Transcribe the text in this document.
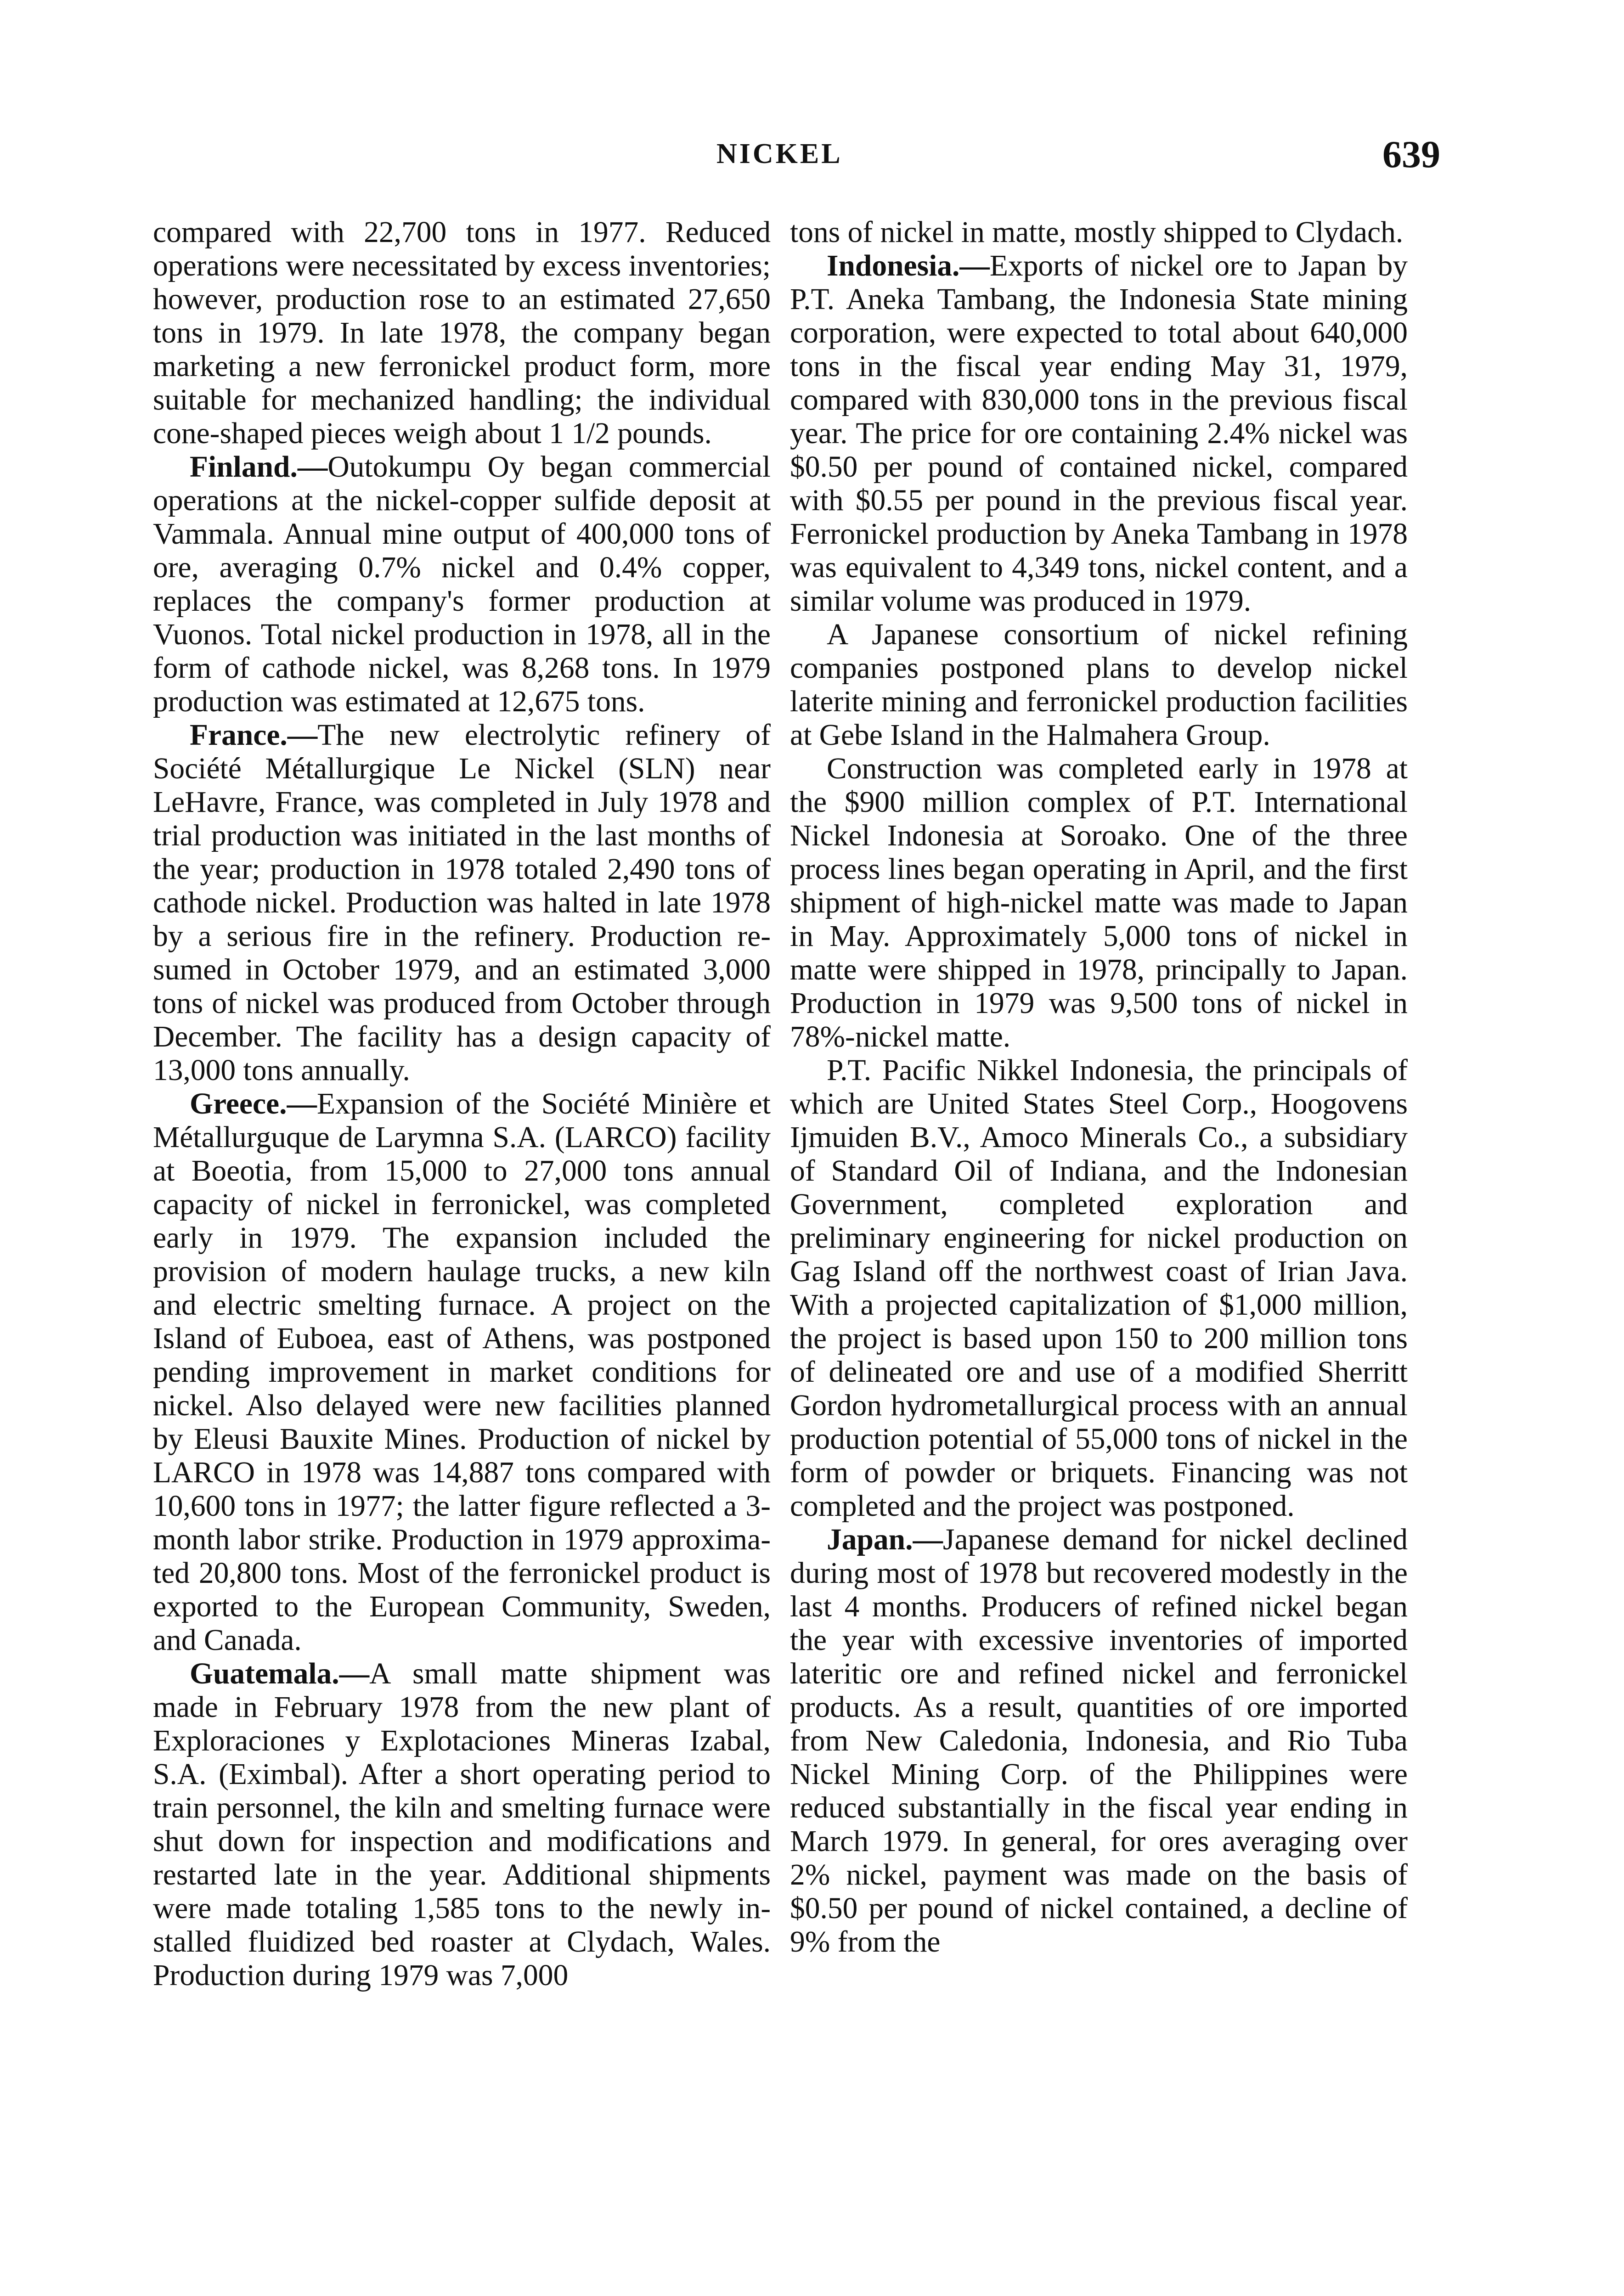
NICKEL	639

compared with 22,700 tons in 1977. Reduced operations were necessitated by excess inventories; however, production rose to an estimated 27,650 tons in 1979. In late 1978, the company began marketing a new ferronickel product form, more suitable for mechanized handling; the individual cone-shaped pieces weigh about 1 1/2 pounds.

Finland.—Outokumpu Oy began commercial operations at the nickel-copper sulfide deposit at Vammala. Annual mine output of 400,000 tons of ore, averaging 0.7% nickel and 0.4% copper, replaces the company's former production at Vuonos. Total nickel production in 1978, all in the form of cathode nickel, was 8,268 tons. In 1979 production was estimated at 12,675 tons.

France.—The new electrolytic refinery of Société Métallurgique Le Nickel (SLN) near LeHavre, France, was completed in July 1978 and trial production was initiated in the last months of the year; production in 1978 totaled 2,490 tons of cathode nickel. Production was halted in late 1978 by a serious fire in the refinery. Production resumed in October 1979, and an estimated 3,000 tons of nickel was produced from October through December. The facility has a design capacity of 13,000 tons annually.

Greece.—Expansion of the Société Minière et Métallurguque de Larymna S.A. (LARCO) facility at Boeotia, from 15,000 to 27,000 tons annual capacity of nickel in ferronickel, was completed early in 1979. The expansion included the provision of modern haulage trucks, a new kiln and electric smelting furnace. A project on the Island of Euboea, east of Athens, was postponed pending improvement in market conditions for nickel. Also delayed were new facilities planned by Eleusi Bauxite Mines. Production of nickel by LARCO in 1978 was 14,887 tons compared with 10,600 tons in 1977; the latter figure reflected a 3-month labor strike. Production in 1979 approximated 20,800 tons. Most of the ferronickel product is exported to the European Community, Sweden, and Canada.

Guatemala.—A small matte shipment was made in February 1978 from the new plant of Exploraciones y Explotaciones Mineras Izabal, S.A. (Eximbal). After a short operating period to train personnel, the kiln and smelting furnace were shut down for inspection and modifications and restarted late in the year. Additional shipments were made totaling 1,585 tons to the newly installed fluidized bed roaster at Clydach, Wales. Production during 1979 was 7,000

tons of nickel in matte, mostly shipped to Clydach.

Indonesia.—Exports of nickel ore to Japan by P.T. Aneka Tambang, the Indonesia State mining corporation, were expected to total about 640,000 tons in the fiscal year ending May 31, 1979, compared with 830,000 tons in the previous fiscal year. The price for ore containing 2.4% nickel was $0.50 per pound of contained nickel, compared with $0.55 per pound in the previous fiscal year. Ferronickel production by Aneka Tambang in 1978 was equivalent to 4,349 tons, nickel content, and a similar volume was produced in 1979.

A Japanese consortium of nickel refining companies postponed plans to develop nickel laterite mining and ferronickel production facilities at Gebe Island in the Halmahera Group.

Construction was completed early in 1978 at the $900 million complex of P.T. International Nickel Indonesia at Soroako. One of the three process lines began operating in April, and the first shipment of high-nickel matte was made to Japan in May. Approximately 5,000 tons of nickel in matte were shipped in 1978, principally to Japan. Production in 1979 was 9,500 tons of nickel in 78%-nickel matte.

P.T. Pacific Nikkel Indonesia, the principals of which are United States Steel Corp., Hoogovens Ijmuiden B.V., Amoco Minerals Co., a subsidiary of Standard Oil of Indiana, and the Indonesian Government, completed exploration and preliminary engineering for nickel production on Gag Island off the northwest coast of Irian Java. With a projected capitalization of $1,000 million, the project is based upon 150 to 200 million tons of delineated ore and use of a modified Sherritt Gordon hydrometallurgical process with an annual production potential of 55,000 tons of nickel in the form of powder or briquets. Financing was not completed and the project was postponed.

Japan.—Japanese demand for nickel declined during most of 1978 but recovered modestly in the last 4 months. Producers of refined nickel began the year with excessive inventories of imported lateritic ore and refined nickel and ferronickel products. As a result, quantities of ore imported from New Caledonia, Indonesia, and Rio Tuba Nickel Mining Corp. of the Philippines were reduced substantially in the fiscal year ending in March 1979. In general, for ores averaging over 2% nickel, payment was made on the basis of $0.50 per pound of nickel contained, a decline of 9% from the
